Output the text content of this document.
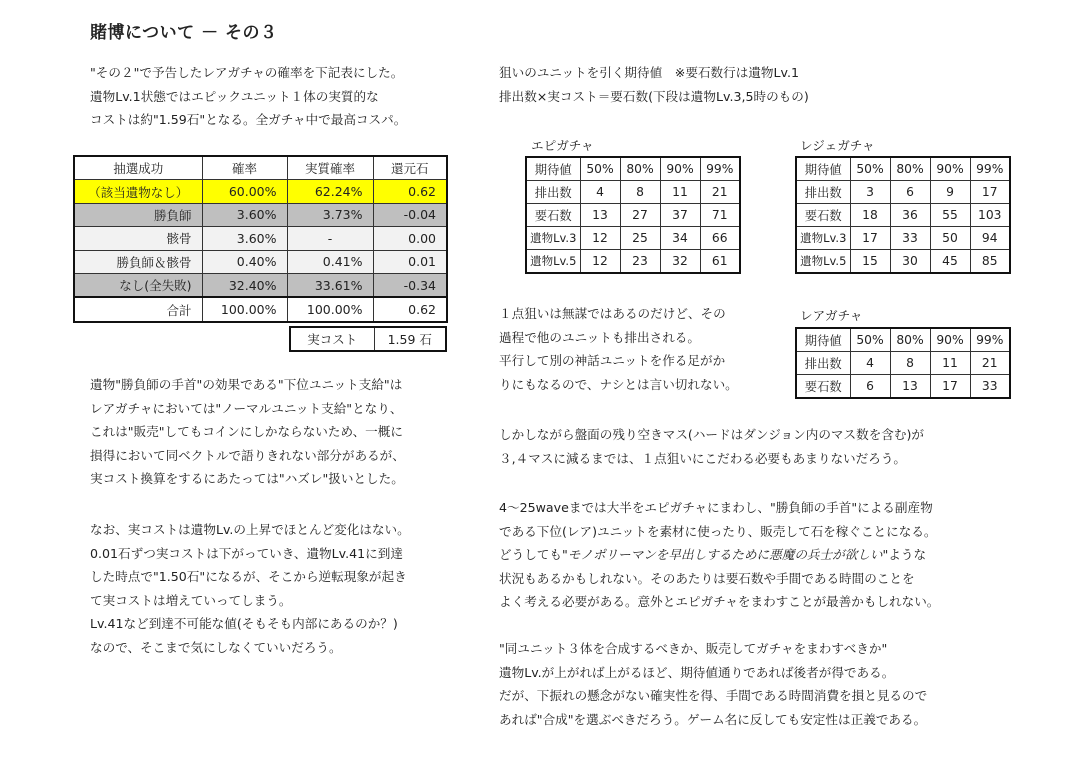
賭博について － その３
"その２"で予告したレアガチャの確率を下記表にした。
遺物Lv.1状態ではエピックユニット１体の実質的な
コストは約"1.59石"となる。全ガチャ中で最高コスパ。
抽選成功	確率	実質確率	還元石
（該当遺物なし）	60.00%	62.24%	0.62
勝負師	3.60%	3.73%	-0.04
骸骨	3.60%	-	0.00
勝負師＆骸骨	0.40%	0.41%	0.01
なし(全失敗)	32.40%	33.61%	-0.34
合計	100.00%	100.00%	0.62
実コスト	1.59 石
遺物"勝負師の手首"の効果である"下位ユニット支給"は
レアガチャにおいては"ノーマルユニット支給"となり、
これは"販売"してもコインにしかならないため、一概に
損得において同ベクトルで語りきれない部分があるが、
実コスト換算をするにあたっては"ハズレ"扱いとした。
なお、実コストは遺物Lv.の上昇でほとんど変化はない。
0.01石ずつ実コストは下がっていき、遺物Lv.41に到達
した時点で"1.50石"になるが、そこから逆転現象が起き
て実コストは増えていってしまう。
Lv.41など到達不可能な値(そもそも内部にあるのか？)
なので、そこまで気にしなくていいだろう。
狙いのユニットを引く期待値　※要石数行は遺物Lv.1
排出数×実コスト＝要石数(下段は遺物Lv.3,5時のもの)
エピガチャ
期待値	50%	80%	90%	99%
排出数	4	8	11	21
要石数	13	27	37	71
遺物Lv.3	12	25	34	66
遺物Lv.5	12	23	32	61
レジェガチャ
期待値	50%	80%	90%	99%
排出数	3	6	9	17
要石数	18	36	55	103
遺物Lv.3	17	33	50	94
遺物Lv.5	15	30	45	85
１点狙いは無謀ではあるのだけど、その
過程で他のユニットも排出される。
平行して別の神話ユニットを作る足がか
りにもなるので、ナシとは言い切れない。
レアガチャ
期待値	50%	80%	90%	99%
排出数	4	8	11	21
要石数	6	13	17	33
しかしながら盤面の残り空きマス(ハードはダンジョン内のマス数を含む)が
３,４マスに減るまでは、１点狙いにこだわる必要もあまりないだろう。
4～25waveまでは大半をエピガチャにまわし、"勝負師の手首"による副産物
である下位(レア)ユニットを素材に使ったり、販売して石を稼ぐことになる。
どうしても"モノポリーマンを早出しするために悪魔の兵士が欲しい"ような
状況もあるかもしれない。そのあたりは要石数や手間である時間のことを
よく考える必要がある。意外とエピガチャをまわすことが最善かもしれない。
"同ユニット３体を合成するべきか、販売してガチャをまわすべきか"
遺物Lv.が上がれば上がるほど、期待値通りであれば後者が得である。
だが、下振れの懸念がない確実性を得、手間である時間消費を損と見るので
あれば"合成"を選ぶべきだろう。ゲーム名に反しても安定性は正義である。
